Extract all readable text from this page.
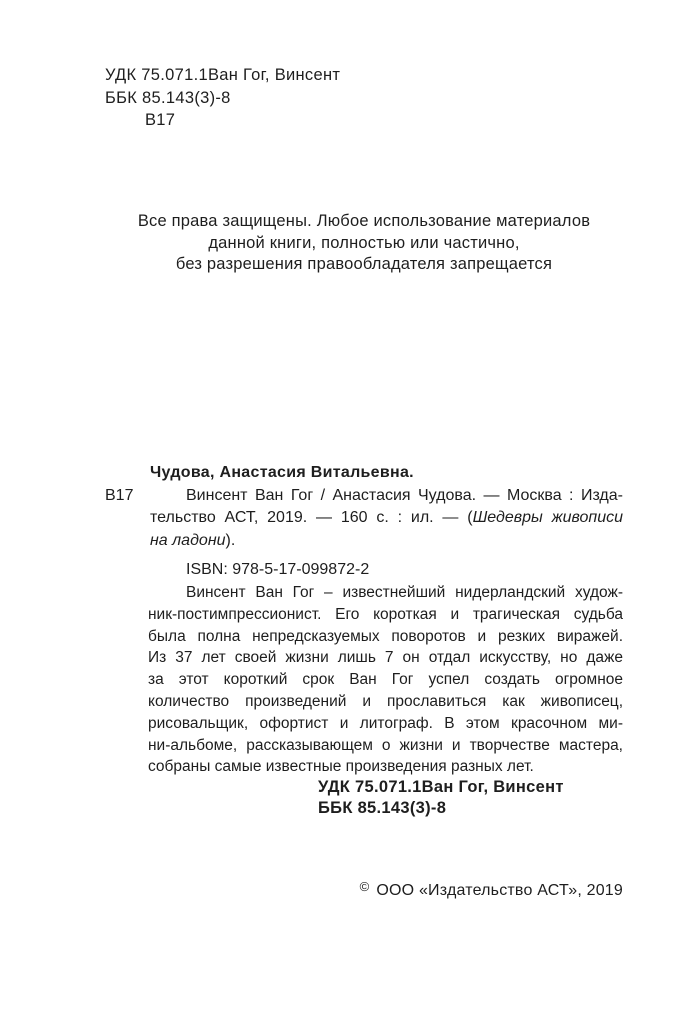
УДК 75.071.1Ван Гог, Винсент
ББК 85.143(3)-8
В17
Все права защищены. Любое использование материалов
данной книги, полностью или частично,
без разрешения правообладателя запрещается
Чудова, Анастасия Витальевна.
В17	Винсент Ван Гог / Анастасия Чудова. — Москва : Изда-
тельство АСТ, 2019. — 160 с. : ил. — (Шедевры живописи
на ладони).
ISBN: 978-5-17-099872-2
Винсент Ван Гог – известнейший нидерландский худож-
ник-постимпрессионист. Его короткая и трагическая судьба
была полна непредсказуемых поворотов и резких виражей.
Из 37 лет своей жизни лишь 7 он отдал искусству, но даже
за этот короткий срок Ван Гог успел создать огромное
количество произведений и прославиться как живописец,
рисовальщик, офортист и литограф. В этом красочном ми-
ни-альбоме, рассказывающем о жизни и творчестве мастера,
собраны самые известные произведения разных лет.
УДК 75.071.1Ван Гог, Винсент
ББК 85.143(3)-8
© ООО «Издательство АСТ», 2019
